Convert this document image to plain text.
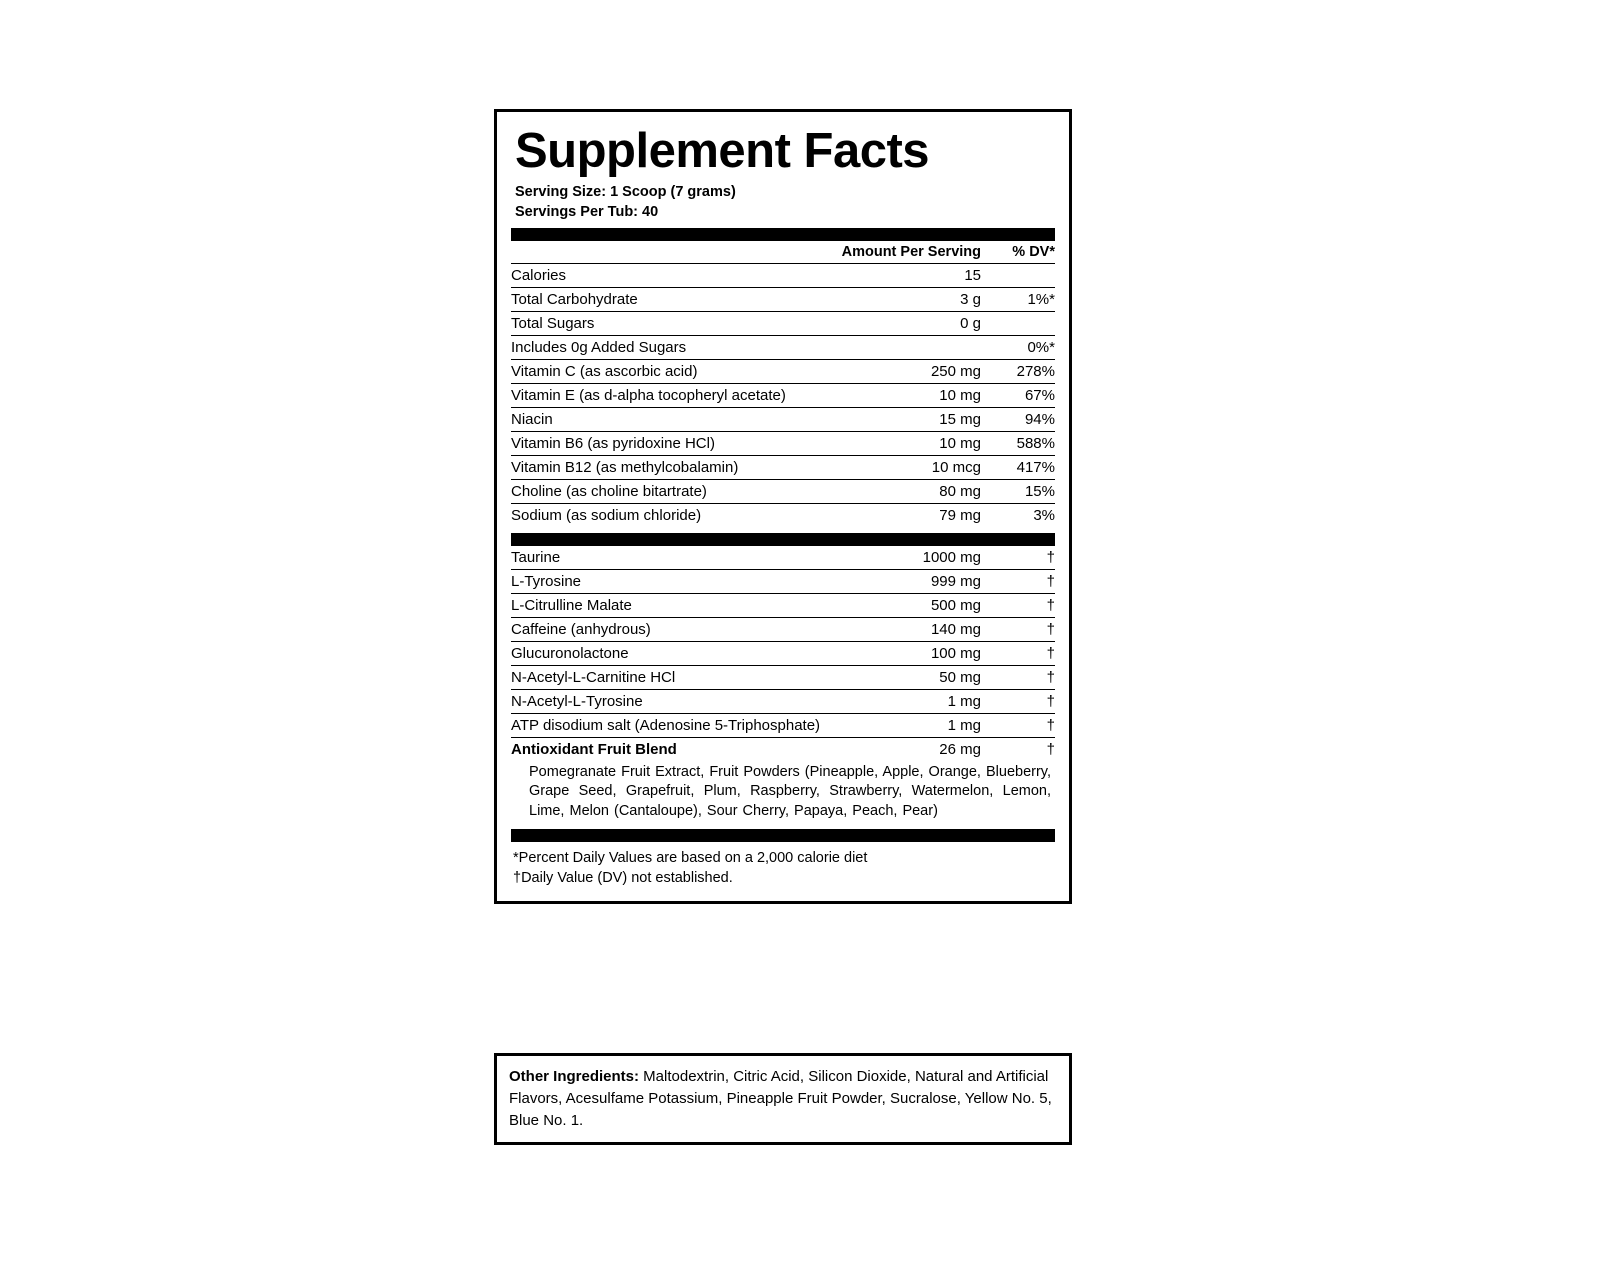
Supplement Facts
Serving Size: 1 Scoop (7 grams)
Servings Per Tub: 40
	Amount Per Serving	% DV*
Calories	15	
Total Carbohydrate	3 g	1%*
Total Sugars	0 g	
Includes 0g Added Sugars		0%*
Vitamin C (as ascorbic acid)	250 mg	278%
Vitamin E (as d-alpha tocopheryl acetate)	10 mg	67%
Niacin	15 mg	94%
Vitamin B6 (as pyridoxine HCl)	10 mg	588%
Vitamin B12 (as methylcobalamin)	10 mcg	417%
Choline (as choline bitartrate)	80 mg	15%
Sodium (as sodium chloride)	79 mg	3%
Taurine	1000 mg	†
L-Tyrosine	999 mg	†
L-Citrulline Malate	500 mg	†
Caffeine (anhydrous)	140 mg	†
Glucuronolactone	100 mg	†
N-Acetyl-L-Carnitine HCl	50 mg	†
N-Acetyl-L-Tyrosine	1 mg	†
ATP disodium salt (Adenosine 5-Triphosphate)	1 mg	†
Antioxidant Fruit Blend	26 mg	†
Pomegranate Fruit Extract, Fruit Powders (Pineapple, Apple, Orange, Blueberry, Grape Seed, Grapefruit, Plum, Raspberry, Strawberry, Watermelon, Lemon, Lime, Melon (Cantaloupe), Sour Cherry, Papaya, Peach, Pear)
*Percent Daily Values are based on a 2,000 calorie diet
†Daily Value (DV) not established.
Other Ingredients: Maltodextrin, Citric Acid, Silicon Dioxide, Natural and Artificial Flavors, Acesulfame Potassium, Pineapple Fruit Powder, Sucralose, Yellow No. 5, Blue No. 1.
